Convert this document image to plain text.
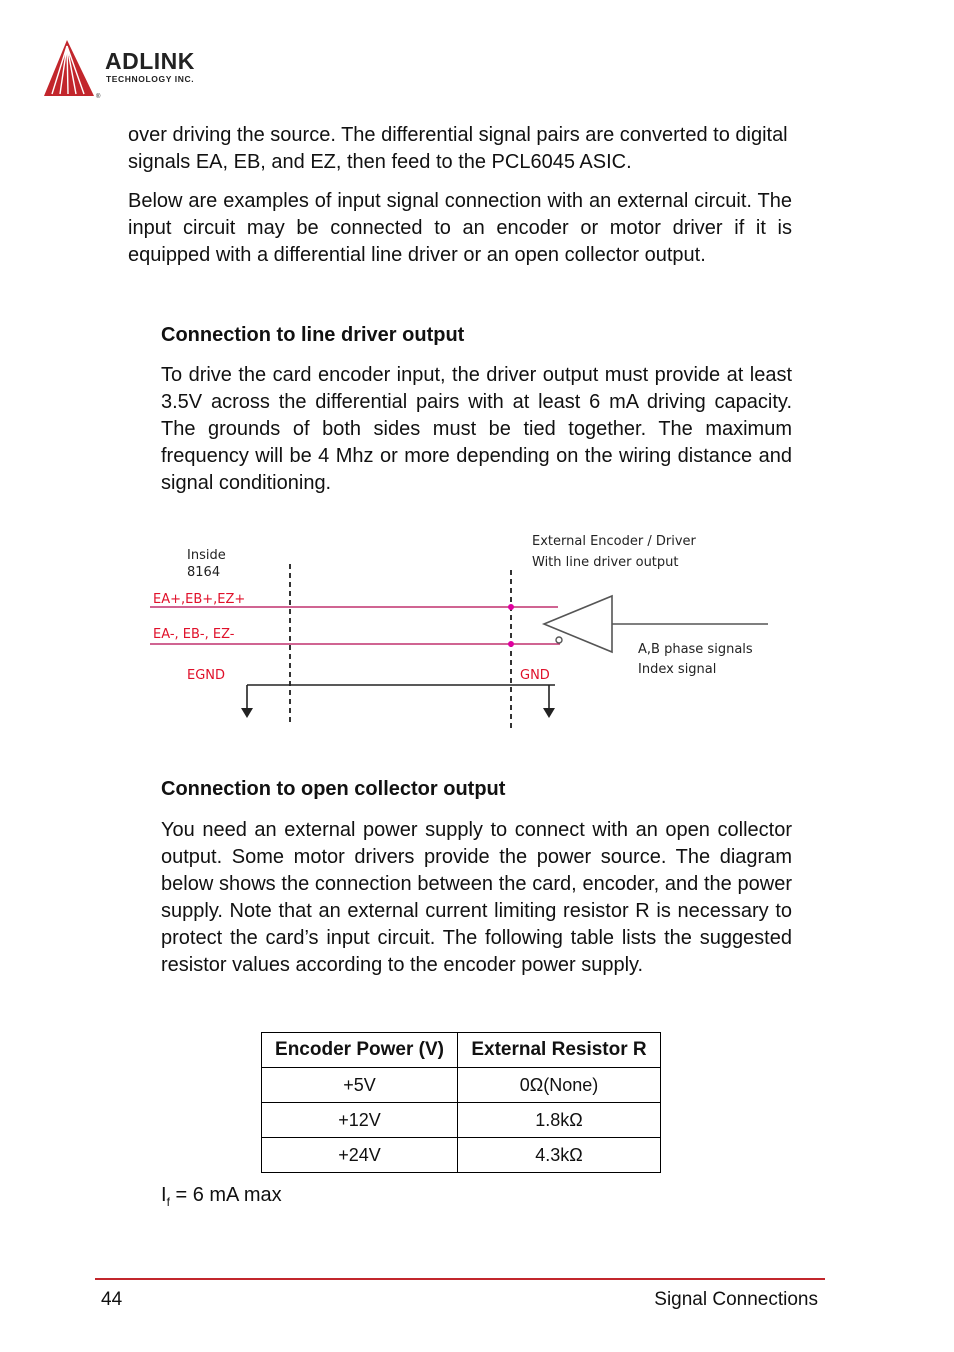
®
ADLINK
TECHNOLOGY INC.

over driving the source. The differential signal pairs are converted to digital signals EA, EB, and EZ, then feed to the PCL6045 ASIC.

Below are examples of input signal connection with an external circuit. The input circuit may be connected to an encoder or motor driver if it is equipped with a differential line driver or an open collector output.

Connection to line driver output

To drive the card encoder input, the driver output must provide at least 3.5V across the differential pairs with at least 6 mA driving capacity. The grounds of both sides must be tied together. The maximum frequency will be 4 Mhz or more depending on the wiring distance and signal conditioning.

Inside
8164
External Encoder / Driver
With line driver output
A,B phase signals
Index signal
EA+,EB+,EZ+
EA-, EB-, EZ-
EGND	GND
Connection to open collector output

You need an external power supply to connect with an open collector output. Some motor drivers provide the power source. The diagram below shows the connection between the card, encoder, and the power supply. Note that an external current limiting resistor R is necessary to protect the card’s input circuit. The following table lists the suggested resistor values according to the encoder power supply.

Encoder Power (V)	External Resistor R
+5V	0Ω(None)
+12V	1.8kΩ
+24V	4.3kΩ
$I_f = 6$ mA max
44	Signal Connections
